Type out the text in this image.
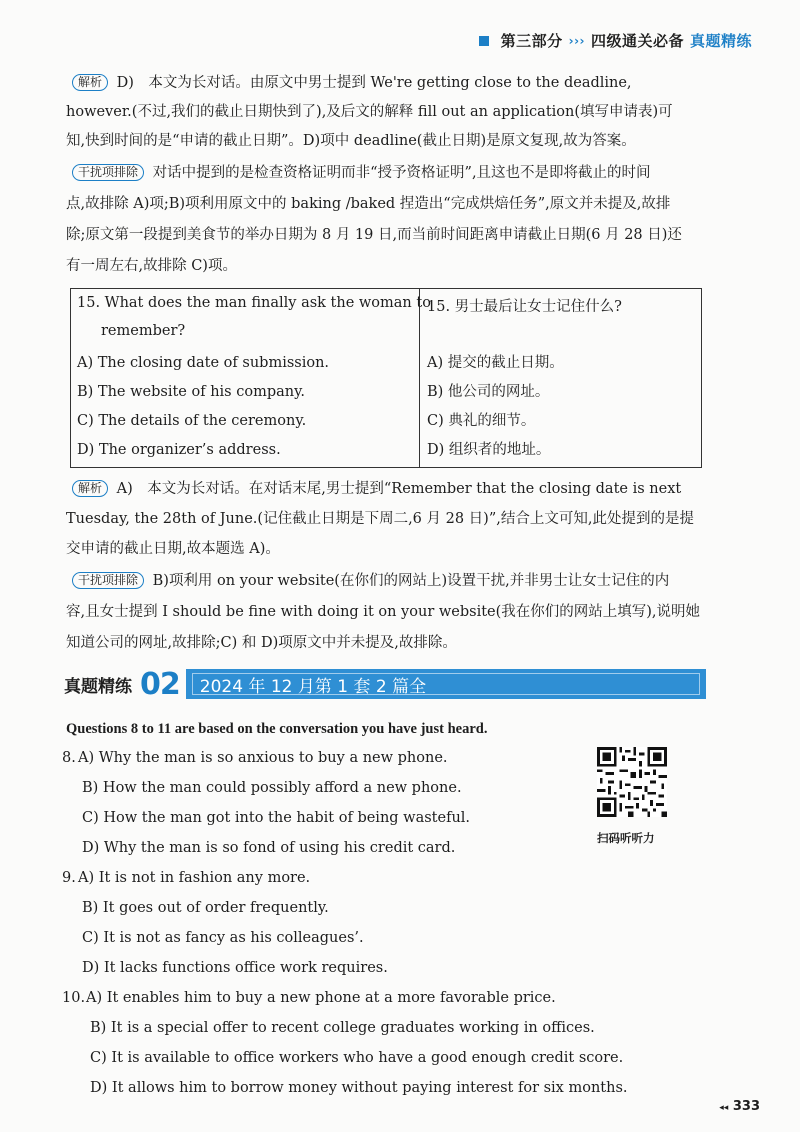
第三部分 ››› 四级通关必备 真题精练
解析 D)　本文为长对话。由原文中男士提到 We're getting close to the deadline,
however.(不过,我们的截止日期快到了),及后文的解释 fill out an application(填写申请表)可
知,快到时间的是“申请的截止日期”。D)项中 deadline(截止日期)是原文复现,故为答案。
干扰项排除 对话中提到的是检查资格证明而非“授予资格证明”,且这也不是即将截止的时间
点,故排除 A)项;B)项利用原文中的 baking /baked 捏造出“完成烘焙任务”,原文并未提及,故排
除;原文第一段提到美食节的举办日期为 8 月 19 日,而当前时间距离申请截止日期(6 月 28 日)还
有一周左右,故排除 C)项。
15. What does the man finally ask the woman to
remember?
A) The closing date of submission.
B) The website of his company.
C) The details of the ceremony.
D) The organizer’s address.
15. 男士最后让女士记住什么?
A) 提交的截止日期。
B) 他公司的网址。
C) 典礼的细节。
D) 组织者的地址。
解析 A)　本文为长对话。在对话末尾,男士提到“Remember that the closing date is next
Tuesday, the 28th of June.(记住截止日期是下周二,6 月 28 日)”,结合上文可知,此处提到的是提
交申请的截止日期,故本题选 A)。
干扰项排除 B)项利用 on your website(在你们的网站上)设置干扰,并非男士让女士记住的内
容,且女士提到 I should be fine with doing it on your website(我在你们的网站上填写),说明她
知道公司的网址,故排除;C) 和 D)项原文中并未提及,故排除。
真题精练 02 2024 年 12 月第 1 套 2 篇全
Questions 8 to 11 are based on the conversation you have just heard.
8. A) Why the man is so anxious to buy a new phone.
B) How the man could possibly afford a new phone.
C) How the man got into the habit of being wasteful.
D) Why the man is so fond of using his credit card.
9. A) It is not in fashion any more.
B) It goes out of order frequently.
C) It is not as fancy as his colleagues’.
D) It lacks functions office work requires.
10. A) It enables him to buy a new phone at a more favorable price.
B) It is a special offer to recent college graduates working in offices.
C) It is available to office workers who have a good enough credit score.
D) It allows him to borrow money without paying interest for six months.
扫码听听力
◂◂ 333
